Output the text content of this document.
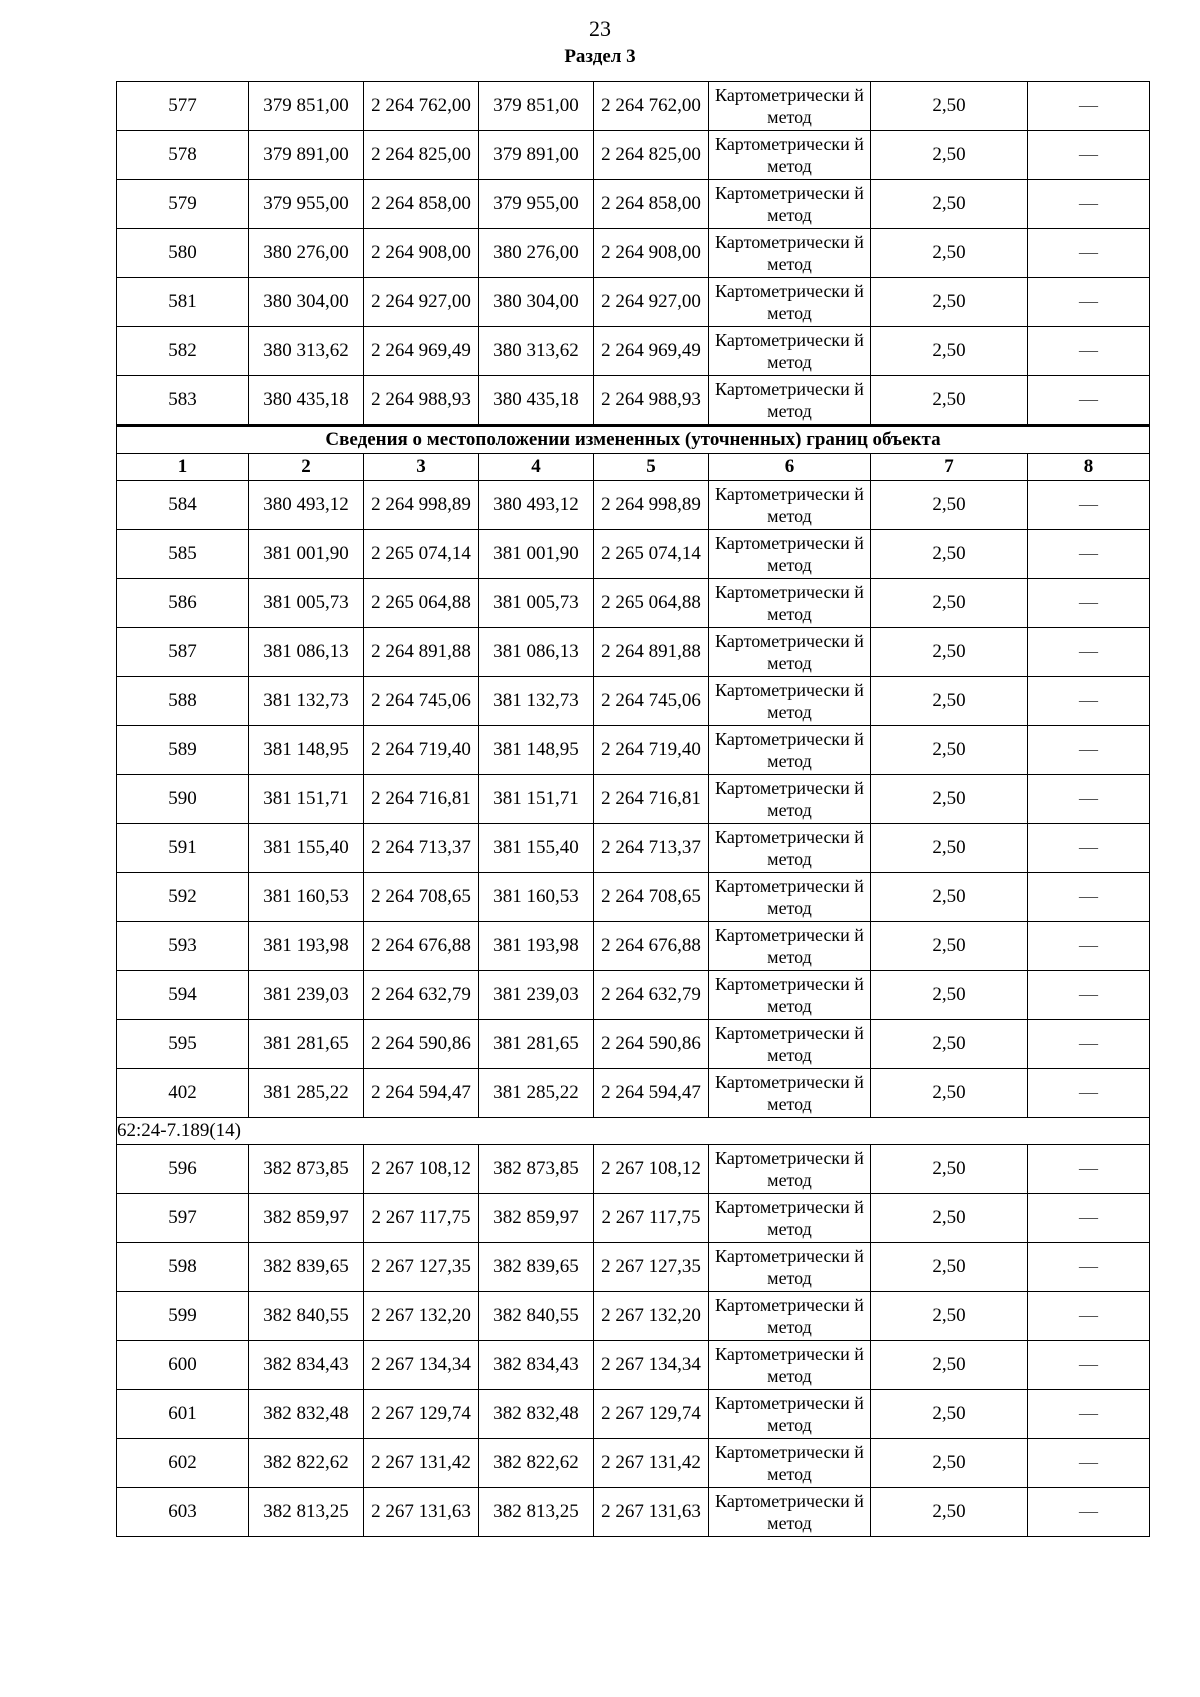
23
Раздел 3
577	379 851,00	2 264 762,00	379 851,00	2 264 762,00	Картометрически й метод	2,50	—
578	379 891,00	2 264 825,00	379 891,00	2 264 825,00	Картометрически й метод	2,50	—
579	379 955,00	2 264 858,00	379 955,00	2 264 858,00	Картометрически й метод	2,50	—
580	380 276,00	2 264 908,00	380 276,00	2 264 908,00	Картометрически й метод	2,50	—
581	380 304,00	2 264 927,00	380 304,00	2 264 927,00	Картометрически й метод	2,50	—
582	380 313,62	2 264 969,49	380 313,62	2 264 969,49	Картометрически й метод	2,50	—
583	380 435,18	2 264 988,93	380 435,18	2 264 988,93	Картометрически й метод	2,50	—
Сведения о местоположении измененных (уточненных) границ объекта							
1	2	3	4	5	6	7	8
584	380 493,12	2 264 998,89	380 493,12	2 264 998,89	Картометрически й метод	2,50	—
585	381 001,90	2 265 074,14	381 001,90	2 265 074,14	Картометрически й метод	2,50	—
586	381 005,73	2 265 064,88	381 005,73	2 265 064,88	Картометрически й метод	2,50	—
587	381 086,13	2 264 891,88	381 086,13	2 264 891,88	Картометрически й метод	2,50	—
588	381 132,73	2 264 745,06	381 132,73	2 264 745,06	Картометрически й метод	2,50	—
589	381 148,95	2 264 719,40	381 148,95	2 264 719,40	Картометрически й метод	2,50	—
590	381 151,71	2 264 716,81	381 151,71	2 264 716,81	Картометрически й метод	2,50	—
591	381 155,40	2 264 713,37	381 155,40	2 264 713,37	Картометрически й метод	2,50	—
592	381 160,53	2 264 708,65	381 160,53	2 264 708,65	Картометрически й метод	2,50	—
593	381 193,98	2 264 676,88	381 193,98	2 264 676,88	Картометрически й метод	2,50	—
594	381 239,03	2 264 632,79	381 239,03	2 264 632,79	Картометрически й метод	2,50	—
595	381 281,65	2 264 590,86	381 281,65	2 264 590,86	Картометрически й метод	2,50	—
402	381 285,22	2 264 594,47	381 285,22	2 264 594,47	Картометрически й метод	2,50	—
62:24-7.189(14)							
596	382 873,85	2 267 108,12	382 873,85	2 267 108,12	Картометрически й метод	2,50	—
597	382 859,97	2 267 117,75	382 859,97	2 267 117,75	Картометрически й метод	2,50	—
598	382 839,65	2 267 127,35	382 839,65	2 267 127,35	Картометрически й метод	2,50	—
599	382 840,55	2 267 132,20	382 840,55	2 267 132,20	Картометрически й метод	2,50	—
600	382 834,43	2 267 134,34	382 834,43	2 267 134,34	Картометрически й метод	2,50	—
601	382 832,48	2 267 129,74	382 832,48	2 267 129,74	Картометрически й метод	2,50	—
602	382 822,62	2 267 131,42	382 822,62	2 267 131,42	Картометрически й метод	2,50	—
603	382 813,25	2 267 131,63	382 813,25	2 267 131,63	Картометрически й метод	2,50	—
